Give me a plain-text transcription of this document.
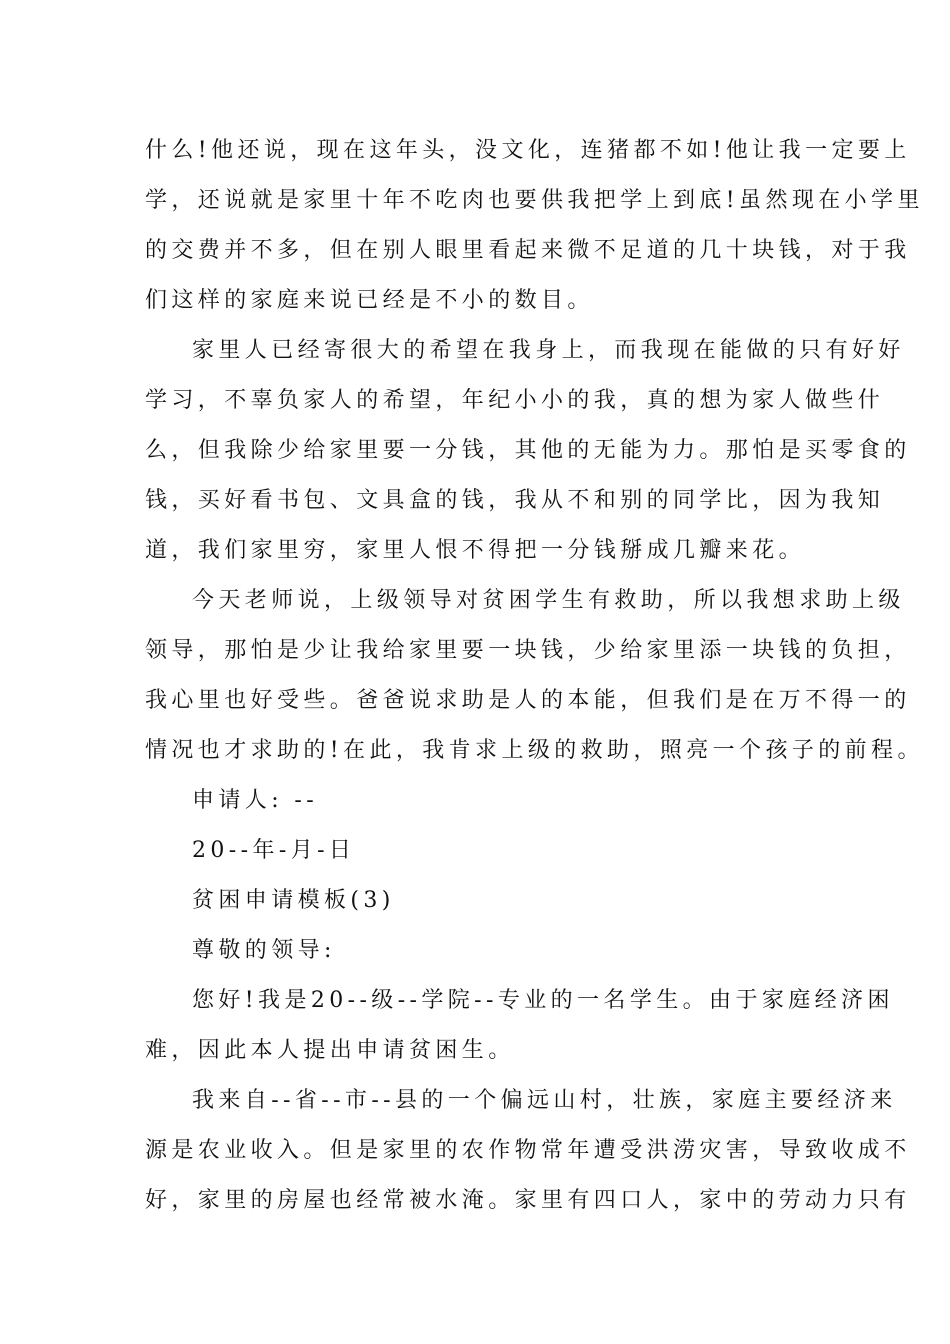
什么!他还说，现在这年头，没文化，连猪都不如!他让我一定要上
学，还说就是家里十年不吃肉也要供我把学上到底!虽然现在小学里
的交费并不多，但在别人眼里看起来微不足道的几十块钱，对于我
们这样的家庭来说已经是不小的数目。
家里人已经寄很大的希望在我身上，而我现在能做的只有好好
学习，不辜负家人的希望，年纪小小的我，真的想为家人做些什
么，但我除少给家里要一分钱，其他的无能为力。那怕是买零食的
钱，买好看书包、文具盒的钱，我从不和别的同学比，因为我知
道，我们家里穷，家里人恨不得把一分钱掰成几瓣来花。
今天老师说，上级领导对贫困学生有救助，所以我想求助上级
领导，那怕是少让我给家里要一块钱，少给家里添一块钱的负担，
我心里也好受些。爸爸说求助是人的本能，但我们是在万不得一的
情况也才求助的!在此，我肯求上级的救助，照亮一个孩子的前程。
申请人: --
20--年-月-日
贫困申请模板(3)
尊敬的领导:
您好!我是20--级--学院--专业的一名学生。由于家庭经济困
难，因此本人提出申请贫困生。
我来自--省--市--县的一个偏远山村，壮族，家庭主要经济来
源是农业收入。但是家里的农作物常年遭受洪涝灾害，导致收成不
好，家里的房屋也经常被水淹。家里有四口人，家中的劳动力只有
